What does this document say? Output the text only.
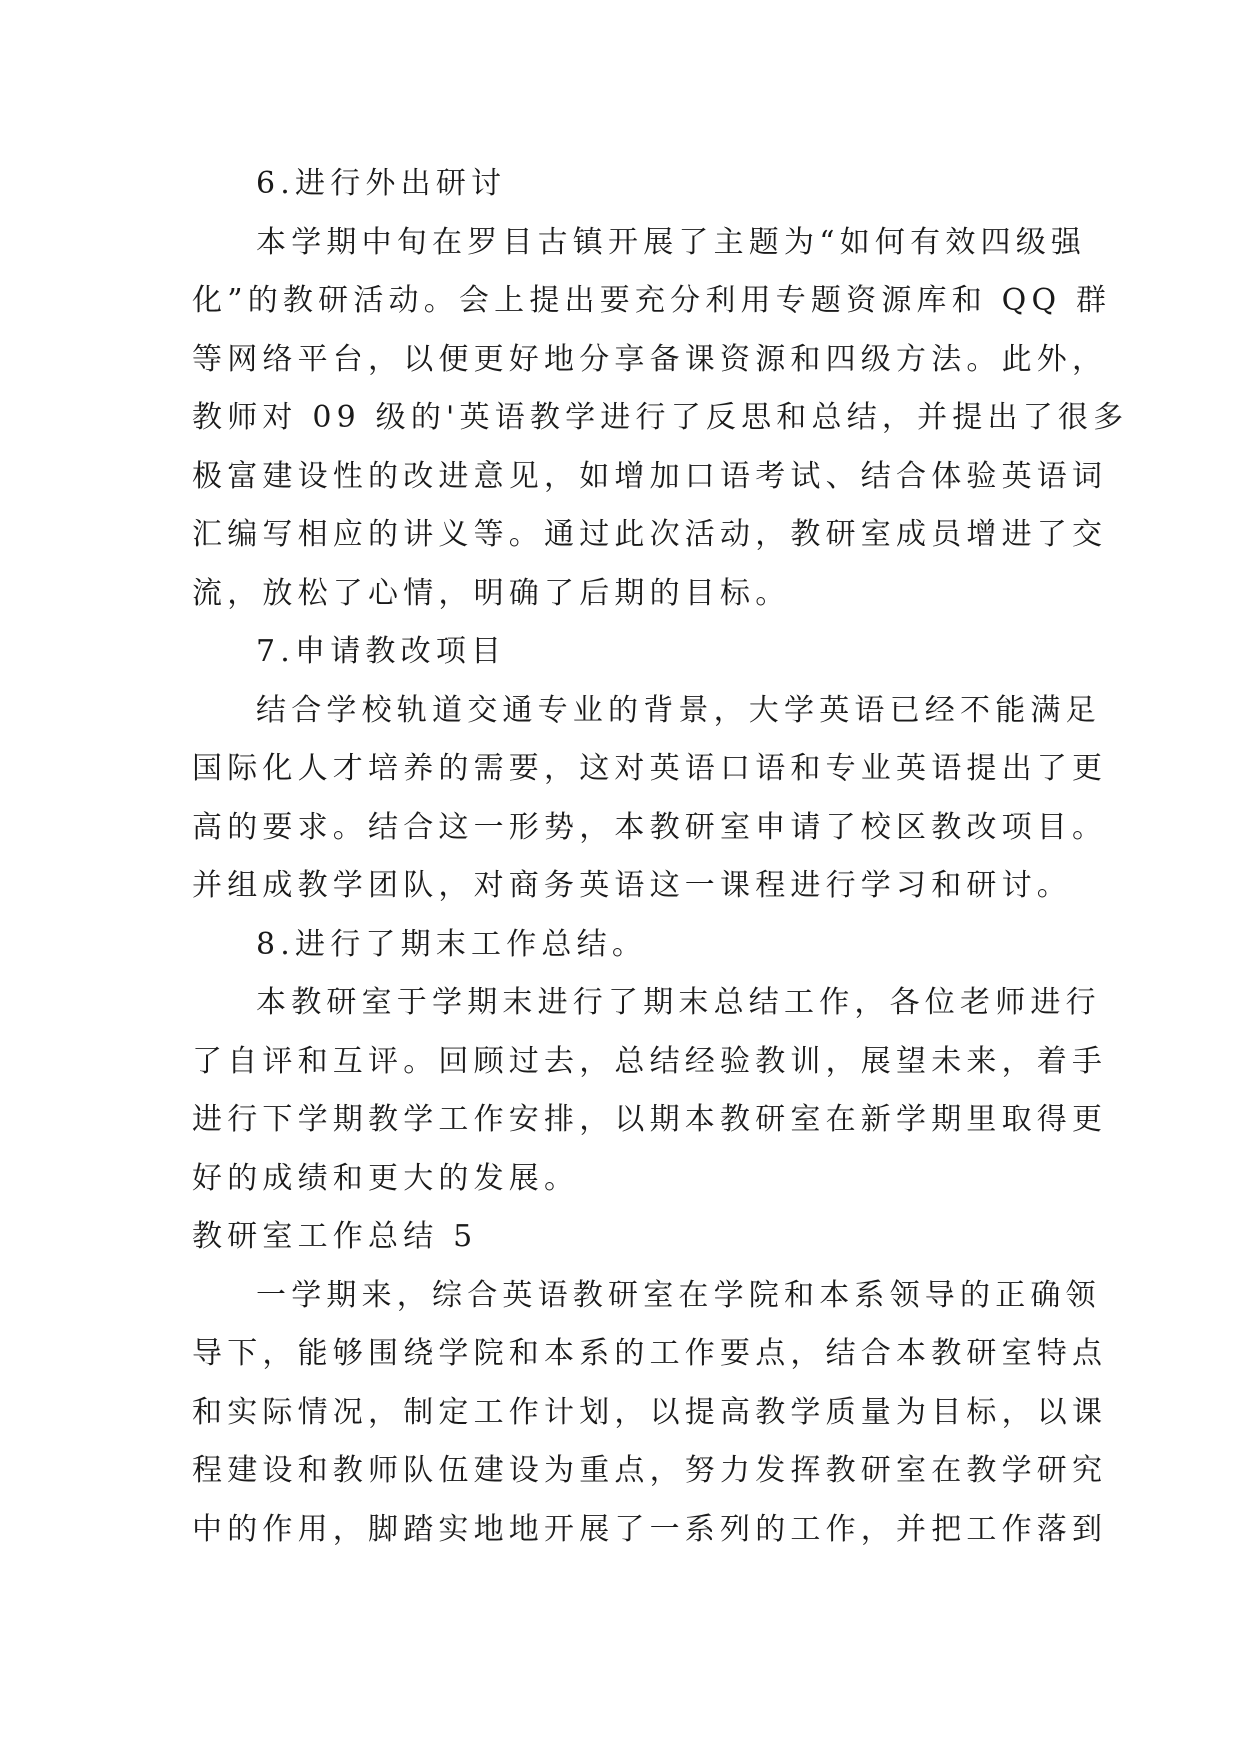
6.进行外出研讨
本学期中旬在罗目古镇开展了主题为“如何有效四级强
化”的教研活动。会上提出要充分利用专题资源库和 QQ 群
等网络平台，以便更好地分享备课资源和四级方法。此外，
教师对 09 级的'英语教学进行了反思和总结，并提出了很多
极富建设性的改进意见，如增加口语考试、结合体验英语词
汇编写相应的讲义等。通过此次活动，教研室成员增进了交
流，放松了心情，明确了后期的目标。
7.申请教改项目
结合学校轨道交通专业的背景，大学英语已经不能满足
国际化人才培养的需要，这对英语口语和专业英语提出了更
高的要求。结合这一形势，本教研室申请了校区教改项目。
并组成教学团队，对商务英语这一课程进行学习和研讨。
8.进行了期末工作总结。
本教研室于学期末进行了期末总结工作，各位老师进行
了自评和互评。回顾过去，总结经验教训，展望未来，着手
进行下学期教学工作安排，以期本教研室在新学期里取得更
好的成绩和更大的发展。
教研室工作总结 5
一学期来，综合英语教研室在学院和本系领导的正确领
导下，能够围绕学院和本系的工作要点，结合本教研室特点
和实际情况，制定工作计划，以提高教学质量为目标，以课
程建设和教师队伍建设为重点，努力发挥教研室在教学研究
中的作用，脚踏实地地开展了一系列的工作，并把工作落到
